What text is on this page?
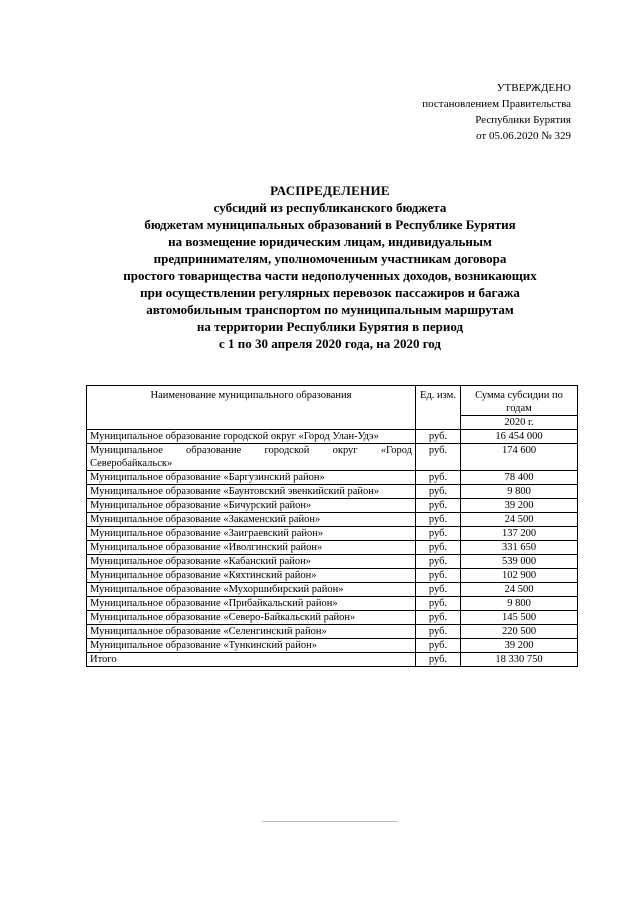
УТВЕРЖДЕНО
постановлением Правительства
Республики Бурятия
от 05.06.2020 № 329
РАСПРЕДЕЛЕНИЕ
субсидий из республиканского бюджета
бюджетам муниципальных образований в Республике Бурятия
на возмещение юридическим лицам, индивидуальным
предпринимателям, уполномоченным участникам договора
простого товарищества части недополученных доходов, возникающих
при осуществлении регулярных перевозок пассажиров и багажа
автомобильным транспортом по муниципальным маршрутам
на территории Республики Бурятия в период
с 1 по 30 апреля 2020 года, на 2020 год
Наименование муниципального образования	Ед. изм.	Сумма субсидии по годам
		2020 г.
Муниципальное образование городской округ «Город Улан-Удэ»	руб.	16 454 000
Муниципальное образование городской округ «Город Северобайкальск»	руб.	174 600
Муниципальное образование «Баргузинский район»	руб.	78 400
Муниципальное образование «Баунтовский эвенкийский район»	руб.	9 800
Муниципальное образование «Бичурский район»	руб.	39 200
Муниципальное образование «Закаменский район»	руб.	24 500
Муниципальное образование «Заиграевский район»	руб.	137 200
Муниципальное образование «Иволгинский район»	руб.	331 650
Муниципальное образование «Кабанский район»	руб.	539 000
Муниципальное образование «Кяхтинский район»	руб.	102 900
Муниципальное образование «Мухоршибирский район»	руб.	24 500
Муниципальное образование «Прибайкальский район»	руб.	9 800
Муниципальное образование «Северо-Байкальский район»	руб.	145 500
Муниципальное образование «Селенгинский район»	руб.	220 500
Муниципальное образование «Тункинский район»	руб.	39 200
Итого	руб.	18 330 750
